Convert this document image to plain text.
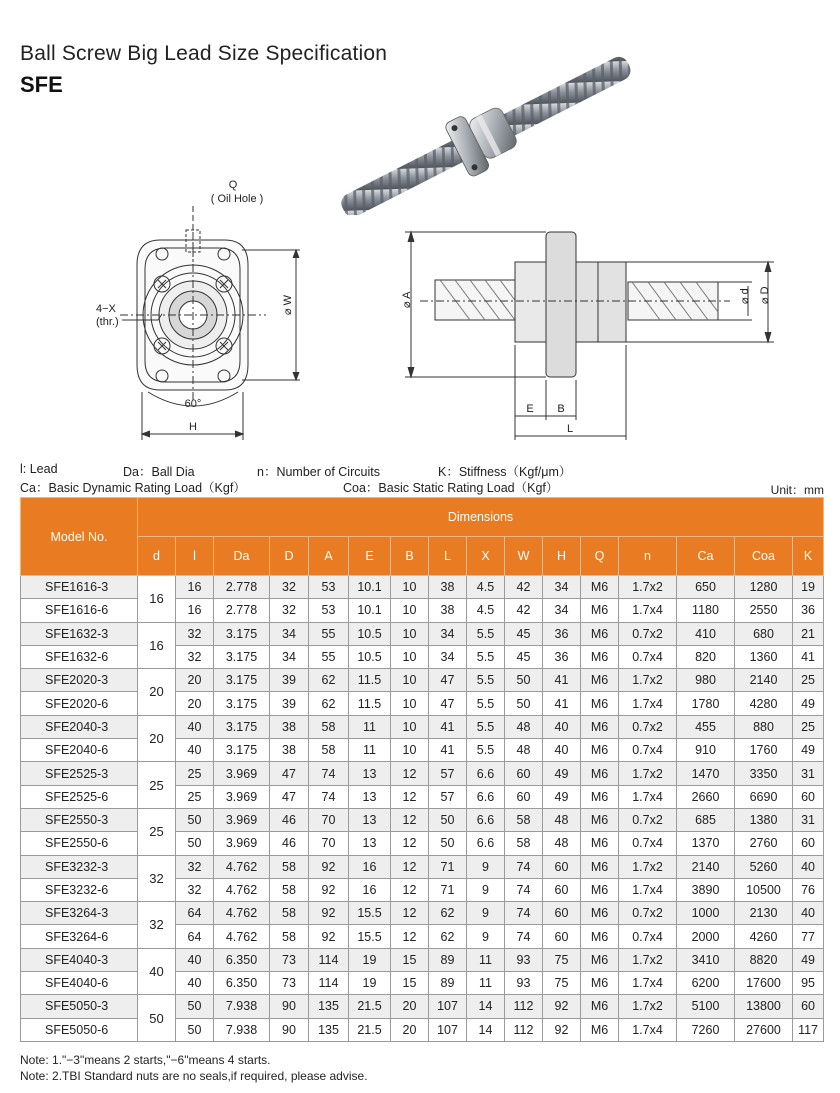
Ball Screw Big Lead Size Specification
SFE
Q
( Oil Hole )
4−X
(thr.)
⌀ W
60°
H
⌀ A	⌀ d ⌀ D
E B
L
l: Lead	Da：Ball Dia	n：Number of Circuits	K：Stiffness（Kgf/μm）
Ca：Basic Dynamic Rating Load（Kgf）	Coa：Basic Static Rating Load（Kgf）	Unit：mm
Model No.	Dimensions															
	d	l	Da	D	A	E	B	L	X	W	H	Q	n	Ca	Coa	K
SFE1616-3	16	16	2.778	32	53	10.1	10	38	4.5	42	34	M6	1.7x2	650	1280	19
SFE1616-6		16	2.778	32	53	10.1	10	38	4.5	42	34	M6	1.7x4	1180	2550	36
SFE1632-3	16	32	3.175	34	55	10.5	10	34	5.5	45	36	M6	0.7x2	410	680	21
SFE1632-6		32	3.175	34	55	10.5	10	34	5.5	45	36	M6	0.7x4	820	1360	41
SFE2020-3	20	20	3.175	39	62	11.5	10	47	5.5	50	41	M6	1.7x2	980	2140	25
SFE2020-6		20	3.175	39	62	11.5	10	47	5.5	50	41	M6	1.7x4	1780	4280	49
SFE2040-3	20	40	3.175	38	58	11	10	41	5.5	48	40	M6	0.7x2	455	880	25
SFE2040-6		40	3.175	38	58	11	10	41	5.5	48	40	M6	0.7x4	910	1760	49
SFE2525-3	25	25	3.969	47	74	13	12	57	6.6	60	49	M6	1.7x2	1470	3350	31
SFE2525-6		25	3.969	47	74	13	12	57	6.6	60	49	M6	1.7x4	2660	6690	60
SFE2550-3	25	50	3.969	46	70	13	12	50	6.6	58	48	M6	0.7x2	685	1380	31
SFE2550-6		50	3.969	46	70	13	12	50	6.6	58	48	M6	0.7x4	1370	2760	60
SFE3232-3	32	32	4.762	58	92	16	12	71	9	74	60	M6	1.7x2	2140	5260	40
SFE3232-6		32	4.762	58	92	16	12	71	9	74	60	M6	1.7x4	3890	10500	76
SFE3264-3	32	64	4.762	58	92	15.5	12	62	9	74	60	M6	0.7x2	1000	2130	40
SFE3264-6		64	4.762	58	92	15.5	12	62	9	74	60	M6	0.7x4	2000	4260	77
SFE4040-3	40	40	6.350	73	114	19	15	89	11	93	75	M6	1.7x2	3410	8820	49
SFE4040-6		40	6.350	73	114	19	15	89	11	93	75	M6	1.7x4	6200	17600	95
SFE5050-3	50	50	7.938	90	135	21.5	20	107	14	112	92	M6	1.7x2	5100	13800	60
SFE5050-6		50	7.938	90	135	21.5	20	107	14	112	92	M6	1.7x4	7260	27600	117
Note: 1."−3"means 2 starts,"−6"means 4 starts.
Note: 2.TBI Standard nuts are no seals,if required, please advise.
